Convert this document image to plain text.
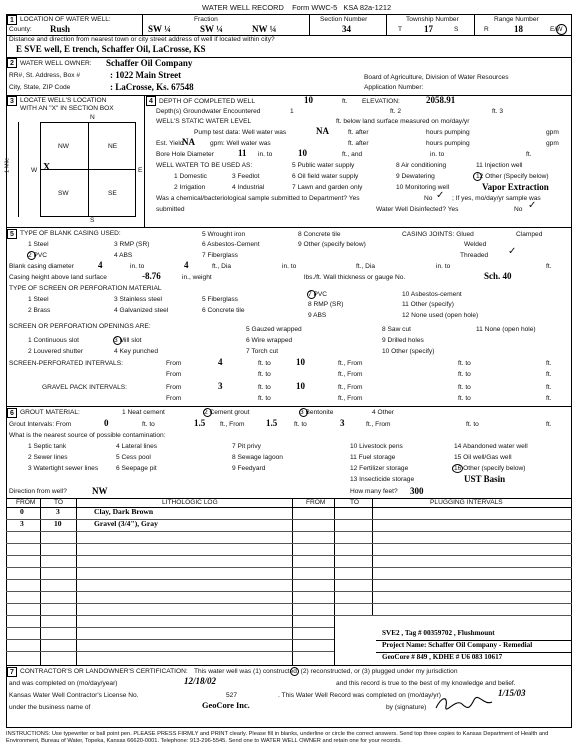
WATER WELL RECORD Form WWC-5 KSA 82a-1212
1 LOCATION OF WATER WELL:
County: Rush
Fraction
SW ¼	SW ¼	NW ¼
Section Number
34
Township Number
T 17	S
Range Number
R	18	E/W
Distance and direction from nearest town or city street address of well if located within city?
E SVE well, E trench, Schaffer Oil, LaCrosse, KS
2 WATER WELL OWNER: Schaffer Oil Company
RR#, St. Address, Box #	: 1022 Main Street
City, State, ZIP Code	: LaCrosse, Ks. 67548
Board of Agriculture, Division of Water Resources
Application Number:
3 LOCATE WELL'S LOCATION
WITH AN "X" IN SECTION BOX
N
S
W	E
1 Mile
NW	NE
SW	SE
X
4 DEPTH OF COMPLETED WELL	10	ft. ELEVATION:	2058.91
Depth(s) Groundwater Encountered	1	ft. 2	ft. 3
WELL'S STATIC WATER LEVEL	ft. below land surface measured on mo/day/yr
Pump test data: Well water was	NA	ft. after	hours pumping	gpm
Est. Yield
NA gpm: Well water was	ft. after	hours pumping	gpm
Bore Hole Diameter	11 in. to	10	ft., and	in. to	ft.
WELL WATER TO BE USED AS:	5 Public water supply	8 Air conditioning	11 Injection well
1 Domestic	3 Feedlot	6 Oil field water supply	9 Dewatering	12 Other (Specify below)
2 Irrigation	4 Industrial	7 Lawn and garden only	10 Monitoring well	Vapor Extraction
Was a chemical/bacteriological sample submitted to Department? Yes	No ✓ ; If yes, mo/day/yr sample was
submitted	Water Well Disinfected? Yes	No ✓
5 TYPE OF BLANK CASING USED:
1 Steel	3 RMP (SR)
5 Wrought iron
6 Asbestos-Cement
8 Concrete tile
9 Other (specify below)
2 PVC	4 ABS	7 Fiberglass
CASING JOINTS: Glued	Clamped
Welded
Threaded ✓
Blank casing diameter	4	in. to	4	ft., Dia	in. to	ft., Dia	in. to	ft.
Casing height above land surface	-8.76	in., weight	lbs./ft. Wall thickness or gauge No.	Sch. 40
TYPE OF SCREEN OR PERFORATION MATERIAL
1 Steel	3 Stainless steel	5 Fiberglass
7 PVC	10 Asbestos-cement
2 Brass	4 Galvanized steel	6 Concrete tile
8 RMP (SR)	11 Other (specify)
9 ABS	12 None used (open hole)
SCREEN OR PERFORATION OPENINGS ARE:	5 Gauzed wrapped	8 Saw cut	11 None (open hole)
1 Continuous slot	3 Mill slot	6 Wire wrapped	9 Drilled holes
2 Louvered shutter	4 Key punched	7 Torch cut	10 Other (specify)
SCREEN-PERFORATED INTERVALS:	From	4	ft. to	10	ft., From	ft. to	ft.
From	ft. to	ft., From	ft. to	ft.
GRAVEL PACK INTERVALS:	From	3	ft. to	10	ft., From	ft. to	ft.
From	ft. to	ft., From	ft. to	ft.
6 GROUT MATERIAL:	1 Neat cement	2 Cement grout	3 Bentonite	4 Other
Grout Intervals: From	0	ft. to	1.5 ft., From 1.5	ft. to	3	ft., From	ft. to	ft.
What is the nearest source of possible contamination:
1 Septic tank	4 Lateral lines	7 Pit privy	10 Livestock pens	14 Abandoned water well
2 Sewer lines	5 Cess pool	8 Sewage lagoon	11 Fuel storage	15 Oil well/Gas well
3 Watertight sewer lines	6 Seepage pit	9 Feedyard	12 Fertilizer storage	16 Other (specify below)
13 Insecticide storage	UST Basin
Direction from well?	NW	How many feet? 300
FROM	TO	LITHOLOGIC LOG	FROM	TO	PLUGGING INTERVALS
0	3	Clay, Dark Brown
3	10	Gravel (3/4"), Gray
SVE2 , Tag # 00359702 , Flushmount
Project Name: Schaffer Oil Company - Remedial
GeoCore # 849 , KDHE # U6 083 10617
7 CONTRACTOR'S OR LANDOWNER'S CERTIFICATION: This water well was (1) constructed, (2) reconstructed, or (3) plugged under my jurisdiction
and was completed on (mo/day/year)	12/18/02	and this record is true to the best of my knowledge and belief.
Kansas Water Well Contractor's License No.	527	. This Water Well Record was completed on (mo/day/yr)	1/15/03
under the business name of	GeoCore Inc.	by (signature)
INSTRUCTIONS: Use typewriter or ball point pen. PLEASE PRESS FIRMLY and PRINT clearly. Please fill in blanks, underline or circle the correct answers. Send top three copies to Kansas Department of Health and Environment, Bureau of Water, Topeka, Kansas 66620-0001. Telephone: 913-296-5545. Send one to WATER WELL OWNER and retain one for your records.
